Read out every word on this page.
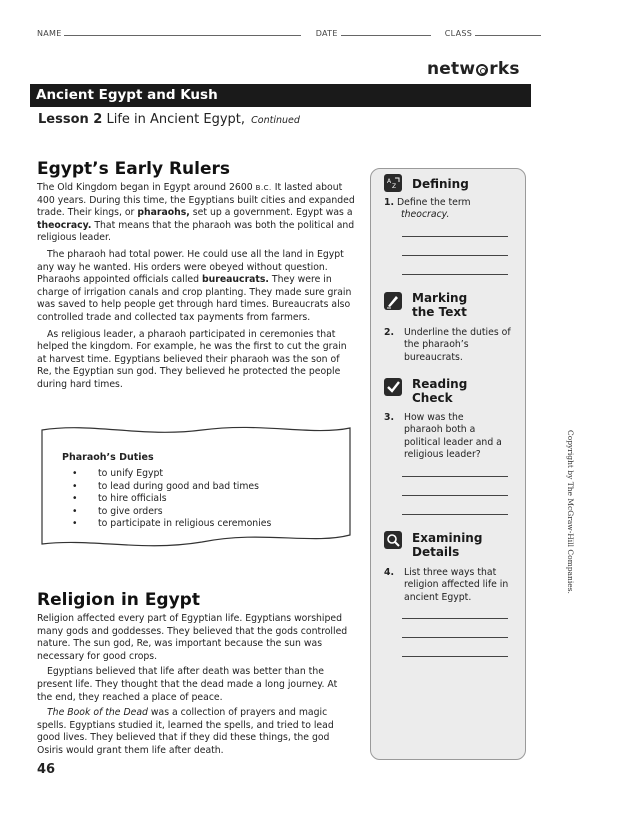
NAME	DATE	CLASS
netw rks
Ancient Egypt and Kush
Lesson 2 Life in Ancient Egypt, Continued
Egypt’s Early Rulers

The Old Kingdom began in Egypt around 2600 B.C. It lasted about 400 years. During this time, the Egyptians built cities and expanded trade. Their kings, or pharaohs, set up a government. Egypt was a theocracy. That means that the pharaoh was both the political and religious leader.

The pharaoh had total power. He could use all the land in Egypt any way he wanted. His orders were obeyed without question. Pharaohs appointed officials called bureaucrats. They were in charge of irrigation canals and crop planting. They made sure grain was saved to help people get through hard times. Bureaucrats also controlled trade and collected tax payments from farmers.

As religious leader, a pharaoh participated in ceremonies that helped the kingdom. For example, he was the first to cut the grain at harvest time. Egyptians believed their pharaoh was the son of Re, the Egyptian sun god. They believed he protected the people during hard times.

Pharaoh’s Duties
• to unify Egypt
• to lead during good and bad times
• to hire officials
• to give orders
• to participate in religious ceremonies
Religion in Egypt

Religion affected every part of Egyptian life. Egyptians worshiped many gods and goddesses. They believed that the gods controlled nature. The sun god, Re, was important because the sun was necessary for good crops.

Egyptians believed that life after death was better than the present life. They thought that the dead made a long journey. At the end, they reached a place of peace.

The Book of the Dead was a collection of prayers and magic spells. Egyptians studied it, learned the spells, and tried to lead good lives. They believed that if they did these things, the god Osiris would grant them life after death.

A
Z Defining
1. Define the term
theocracy.
Marking
the Text
2.	Underline the duties of the pharaoh’s bureaucrats.
Reading
Check
3.	How was the pharaoh both a political leader and a religious leader?
Examining
Details
4.	List three ways that religion affected life in ancient Egypt.
Copyright by The McGraw-Hill Companies.
46
